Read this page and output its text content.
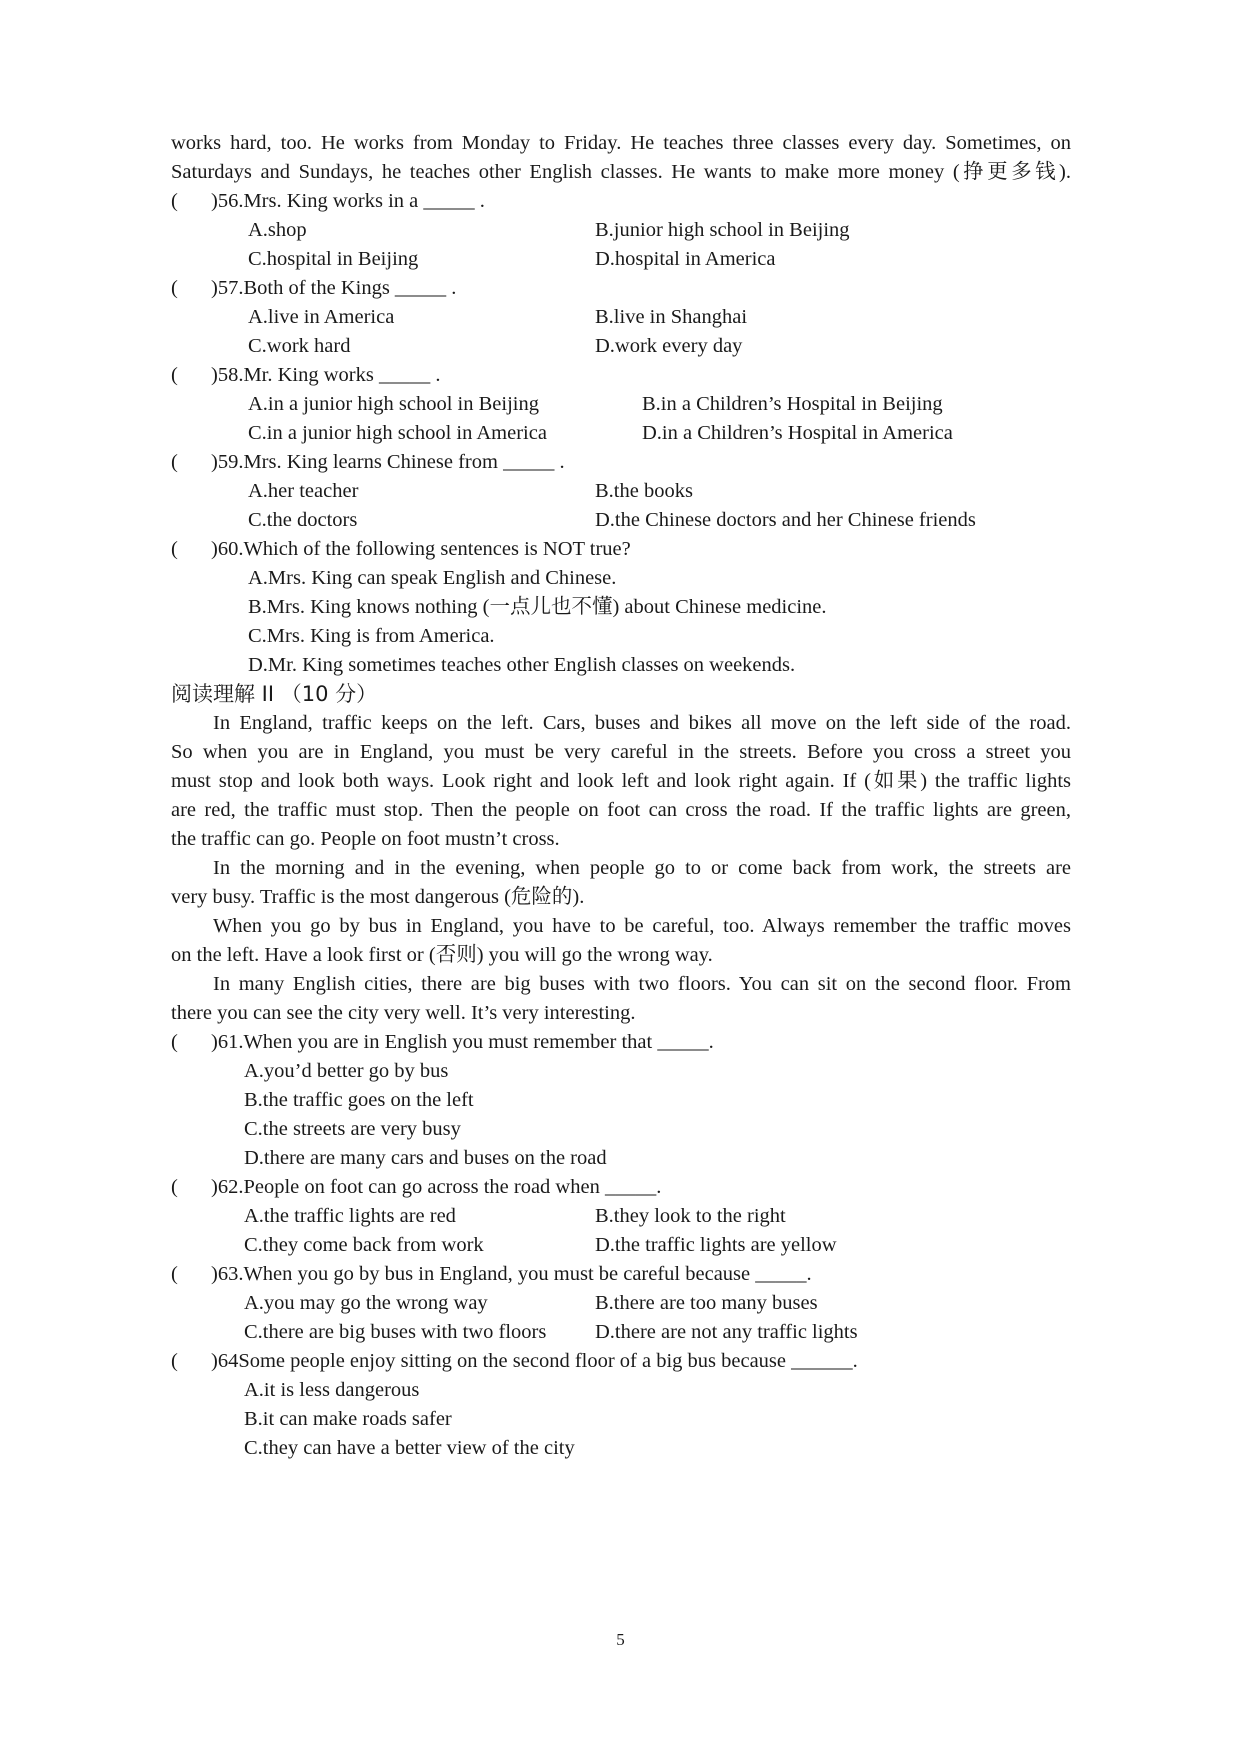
works hard, too. He works from Monday to Friday. He teaches three classes every day. Sometimes, on
Saturdays and Sundays, he teaches other English classes. He wants to make more money (挣更多钱).
( )56.Mrs. King works in a _____ .
A.shop	B.junior high school in Beijing
C.hospital in Beijing	D.hospital in America
( )57.Both of the Kings _____ .
A.live in America	B.live in Shanghai
C.work hard	D.work every day
( )58.Mr. King works _____ .
A.in a junior high school in Beijing	B.in a Children’s Hospital in Beijing
C.in a junior high school in America	D.in a Children’s Hospital in America
( )59.Mrs. King learns Chinese from _____ .
A.her teacher	B.the books
C.the doctors	D.the Chinese doctors and her Chinese friends
( )60.Which of the following sentences is NOT true?
A.Mrs. King can speak English and Chinese.
B.Mrs. King knows nothing (一点儿也不懂) about Chinese medicine.
C.Mrs. King is from America.
D.Mr. King sometimes teaches other English classes on weekends.
阅读理解 II （10 分）
In England, traffic keeps on the left. Cars, buses and bikes all move on the left side of the road.
So when you are in England, you must be very careful in the streets. Before you cross a street you
must stop and look both ways. Look right and look left and look right again. If (如果) the traffic lights
are red, the traffic must stop. Then the people on foot can cross the road. If the traffic lights are green,
the traffic can go. People on foot mustn’t cross.
In the morning and in the evening, when people go to or come back from work, the streets are
very busy. Traffic is the most dangerous (危险的).
When you go by bus in England, you have to be careful, too. Always remember the traffic moves
on the left. Have a look first or (否则) you will go the wrong way.
In many English cities, there are big buses with two floors. You can sit on the second floor. From
there you can see the city very well. It’s very interesting.
( )61.When you are in English you must remember that _____.
A.you’d better go by bus
B.the traffic goes on the left
C.the streets are very busy
D.there are many cars and buses on the road
( )62.People on foot can go across the road when _____.
A.the traffic lights are red	B.they look to the right
C.they come back from work	D.the traffic lights are yellow
( )63.When you go by bus in England, you must be careful because _____.
A.you may go the wrong way	B.there are too many buses
C.there are big buses with two floors D.there are not any traffic lights
( )64Some people enjoy sitting on the second floor of a big bus because ______.
A.it is less dangerous
B.it can make roads safer
C.they can have a better view of the city
5
